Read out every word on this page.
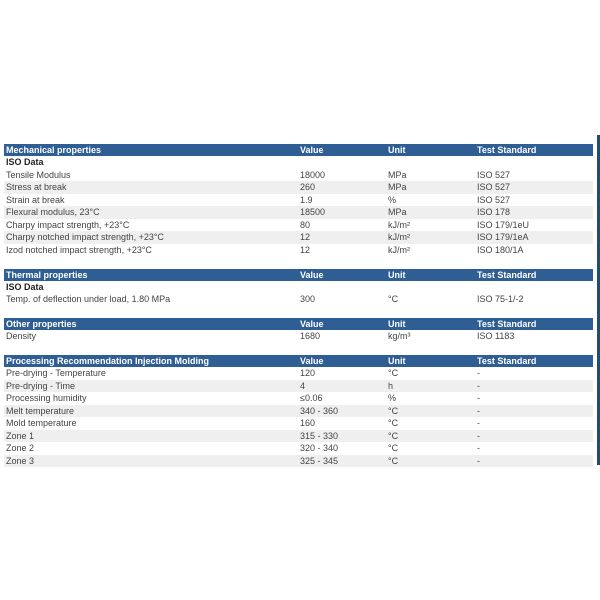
Mechanical properties	Value	Unit	Test Standard
ISO Data			
Tensile Modulus	18000	MPa	ISO 527
Stress at break	260	MPa	ISO 527
Strain at break	1.9	%	ISO 527
Flexural modulus, 23°C	18500	MPa	ISO 178
Charpy impact strength, +23°C	80	kJ/m²	ISO 179/1eU
Charpy notched impact strength, +23°C	12	kJ/m²	ISO 179/1eA
Izod notched impact strength, +23°C	12	kJ/m²	ISO 180/1A

Thermal properties	Value	Unit	Test Standard
ISO Data			
Temp. of deflection under load, 1.80 MPa	300	°C	ISO 75-1/-2

Other properties	Value	Unit	Test Standard
Density	1680	kg/m³	ISO 1183

Processing Recommendation Injection Molding	Value	Unit	Test Standard
Pre-drying - Temperature	120	°C	-
Pre-drying - Time	4	h	-
Processing humidity	≤0.06	%	-
Melt temperature	340 - 360	°C	-
Mold temperature	160	°C	-
Zone 1	315 - 330	°C	-
Zone 2	320 - 340	°C	-
Zone 3	325 - 345	°C	-
